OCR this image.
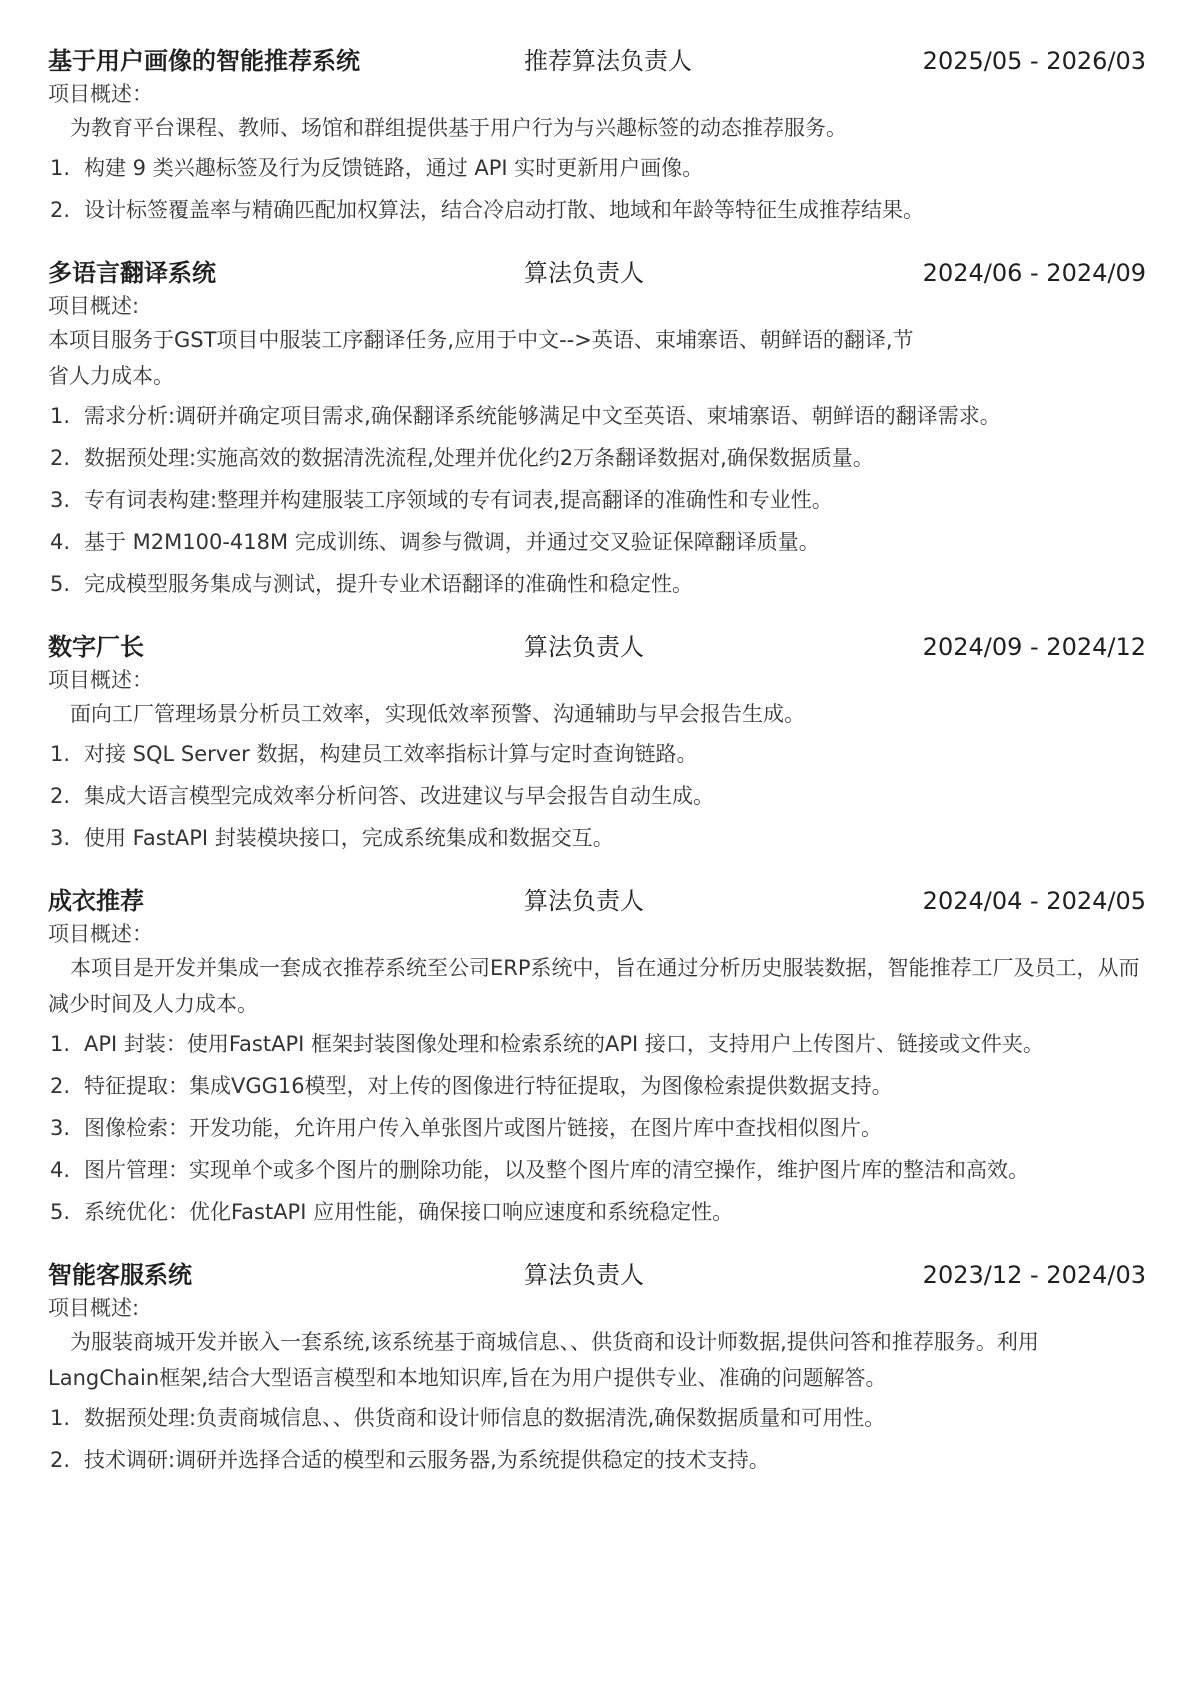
基于用户画像的智能推荐系统	推荐算法负责人	2025/05 - 2026/03
项目概述：
为教育平台课程、教师、场馆和群组提供基于用户行为与兴趣标签的动态推荐服务。
1. 构建 9 类兴趣标签及行为反馈链路，通过 API 实时更新用户画像。
2. 设计标签覆盖率与精确匹配加权算法，结合冷启动打散、地域和年龄等特征生成推荐结果。
多语言翻译系统	算法负责人	2024/06 - 2024/09
项目概述:
本项目服务于GST项目中服装工序翻译任务,应用于中文-->英语、束埔寨语、朝鲜语的翻译,节省人力成本。
1. 需求分析:调研并确定项目需求,确保翻译系统能够满足中文至英语、柬埔寨语、朝鲜语的翻译需求。
2. 数据预处理:实施高效的数据清洗流程,处理并优化约2万条翻译数据对,确保数据质量。
3. 专有词表构建:整理并构建服装工序领域的专有词表,提高翻译的准确性和专业性。
4. 基于 M2M100-418M 完成训练、调参与微调，并通过交叉验证保障翻译质量。
5. 完成模型服务集成与测试，提升专业术语翻译的准确性和稳定性。
数字厂长	算法负责人	2024/09 - 2024/12
项目概述：
面向工厂管理场景分析员工效率，实现低效率预警、沟通辅助与早会报告生成。
1. 对接 SQL Server 数据，构建员工效率指标计算与定时查询链路。
2. 集成大语言模型完成效率分析问答、改进建议与早会报告自动生成。
3. 使用 FastAPI 封装模块接口，完成系统集成和数据交互。
成衣推荐	算法负责人	2024/04 - 2024/05
项目概述：
本项目是开发并集成一套成衣推荐系统至公司ERP系统中，旨在通过分析历史服装数据，智能推荐工厂及员工，从而减少时间及人力成本。
1. API 封装：使用FastAPI 框架封装图像处理和检索系统的API 接口，支持用户上传图片、链接或文件夹。
2. 特征提取：集成VGG16模型，对上传的图像进行特征提取，为图像检索提供数据支持。
3. 图像检索：开发功能，允许用户传入单张图片或图片链接，在图片库中查找相似图片。
4. 图片管理：实现单个或多个图片的删除功能，以及整个图片库的清空操作，维护图片库的整洁和高效。
5. 系统优化：优化FastAPI 应用性能，确保接口响应速度和系统稳定性。
智能客服系统	算法负责人	2023/12 - 2024/03
项目概述:
为服装商城开发并嵌入一套系统,该系统基于商城信息、、供货商和设计师数据,提供问答和推荐服务。利用LangChain框架,结合大型语言模型和本地知识库,旨在为用户提供专业、准确的问题解答。
1. 数据预处理:负责商城信息、、供货商和设计师信息的数据清洗,确保数据质量和可用性。
2. 技术调研:调研并选择合适的模型和云服务器,为系统提供稳定的技术支持。
